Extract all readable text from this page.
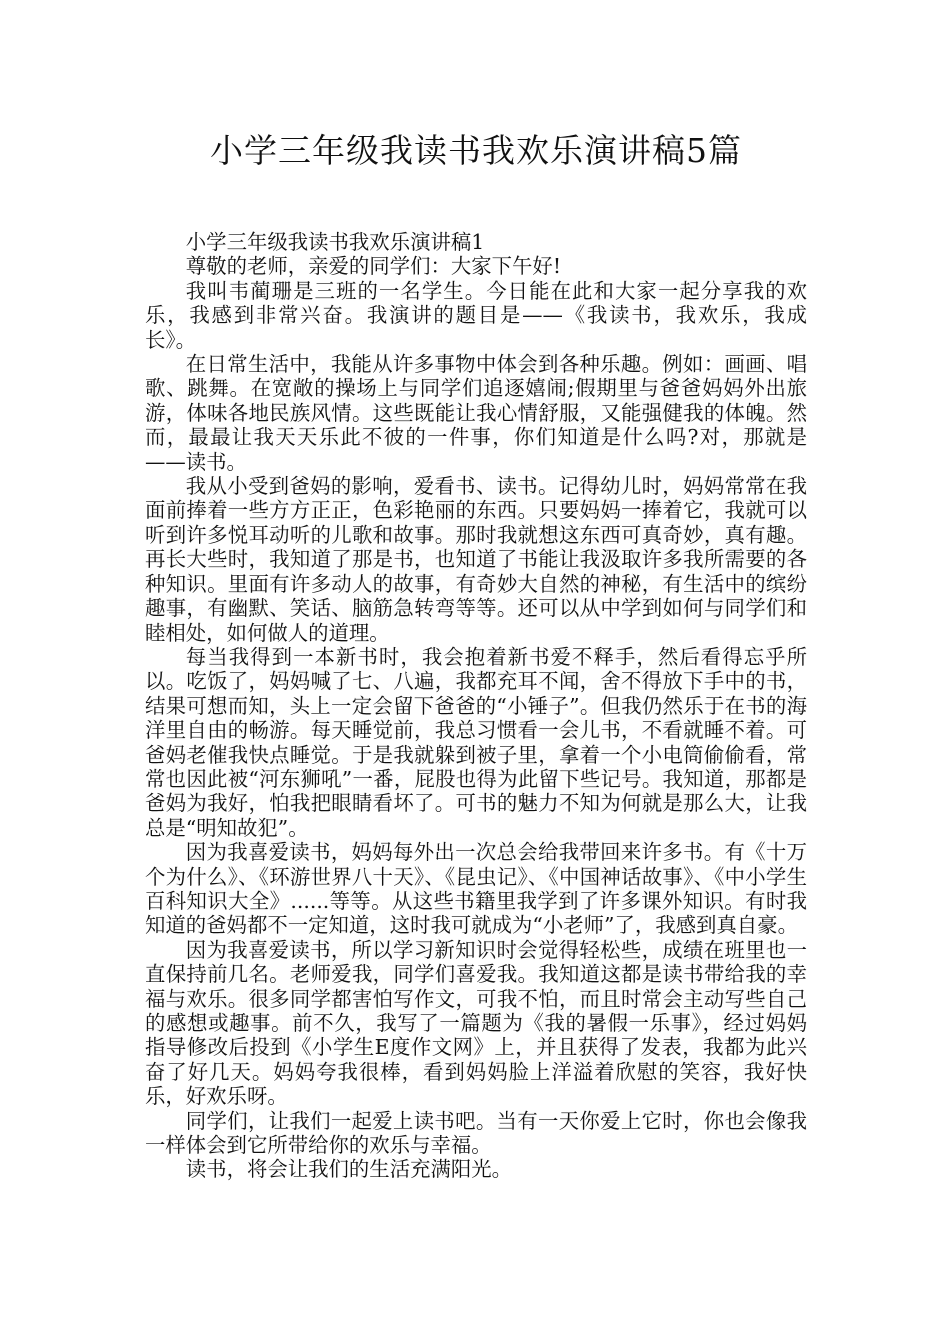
小学三年级我读书我欢乐演讲稿5篇

小学三年级我读书我欢乐演讲稿1

尊敬的老师，亲爱的同学们：大家下午好!

我叫韦蔺珊是三班的一名学生。今日能在此和大家一起分享我的欢乐，我感到非常兴奋。我演讲的题目是——《我读书，我欢乐，我成长》。

在日常生活中，我能从许多事物中体会到各种乐趣。例如：画画、唱歌、跳舞。在宽敞的操场上与同学们追逐嬉闹;假期里与爸爸妈妈外出旅游，体味各地民族风情。这些既能让我心情舒服，又能强健我的体魄。然而，最最让我天天乐此不彼的一件事，你们知道是什么吗?对，那就是——读书。

我从小受到爸妈的影响，爱看书、读书。记得幼儿时，妈妈常常在我面前捧着一些方方正正，色彩艳丽的东西。只要妈妈一捧着它，我就可以听到许多悦耳动听的儿歌和故事。那时我就想这东西可真奇妙，真有趣。再长大些时，我知道了那是书，也知道了书能让我汲取许多我所需要的各种知识。里面有许多动人的故事，有奇妙大自然的神秘，有生活中的缤纷趣事，有幽默、笑话、脑筋急转弯等等。还可以从中学到如何与同学们和睦相处，如何做人的道理。

每当我得到一本新书时，我会抱着新书爱不释手，然后看得忘乎所以。吃饭了，妈妈喊了七、八遍，我都充耳不闻，舍不得放下手中的书，结果可想而知，头上一定会留下爸爸的“小锤子”。但我仍然乐于在书的海洋里自由的畅游。每天睡觉前，我总习惯看一会儿书，不看就睡不着。可爸妈老催我快点睡觉。于是我就躲到被子里，拿着一个小电筒偷偷看，常常也因此被“河东狮吼”一番，屁股也得为此留下些记号。我知道，那都是爸妈为我好，怕我把眼睛看坏了。可书的魅力不知为何就是那么大，让我总是“明知故犯”。

因为我喜爱读书，妈妈每外出一次总会给我带回来许多书。有《十万个为什么》、《环游世界八十天》、《昆虫记》、《中国神话故事》、《中小学生百科知识大全》......等等。从这些书籍里我学到了许多课外知识。有时我知道的爸妈都不一定知道，这时我可就成为“小老师”了，我感到真自豪。

因为我喜爱读书，所以学习新知识时会觉得轻松些，成绩在班里也一直保持前几名。老师爱我，同学们喜爱我。我知道这都是读书带给我的幸福与欢乐。很多同学都害怕写作文，可我不怕，而且时常会主动写些自己的感想或趣事。前不久，我写了一篇题为《我的暑假一乐事》，经过妈妈指导修改后投到《小学生E度作文网》上，并且获得了发表，我都为此兴奋了好几天。妈妈夸我很棒，看到妈妈脸上洋溢着欣慰的笑容，我好快乐，好欢乐呀。

同学们，让我们一起爱上读书吧。当有一天你爱上它时，你也会像我一样体会到它所带给你的欢乐与幸福。

读书，将会让我们的生活充满阳光。
